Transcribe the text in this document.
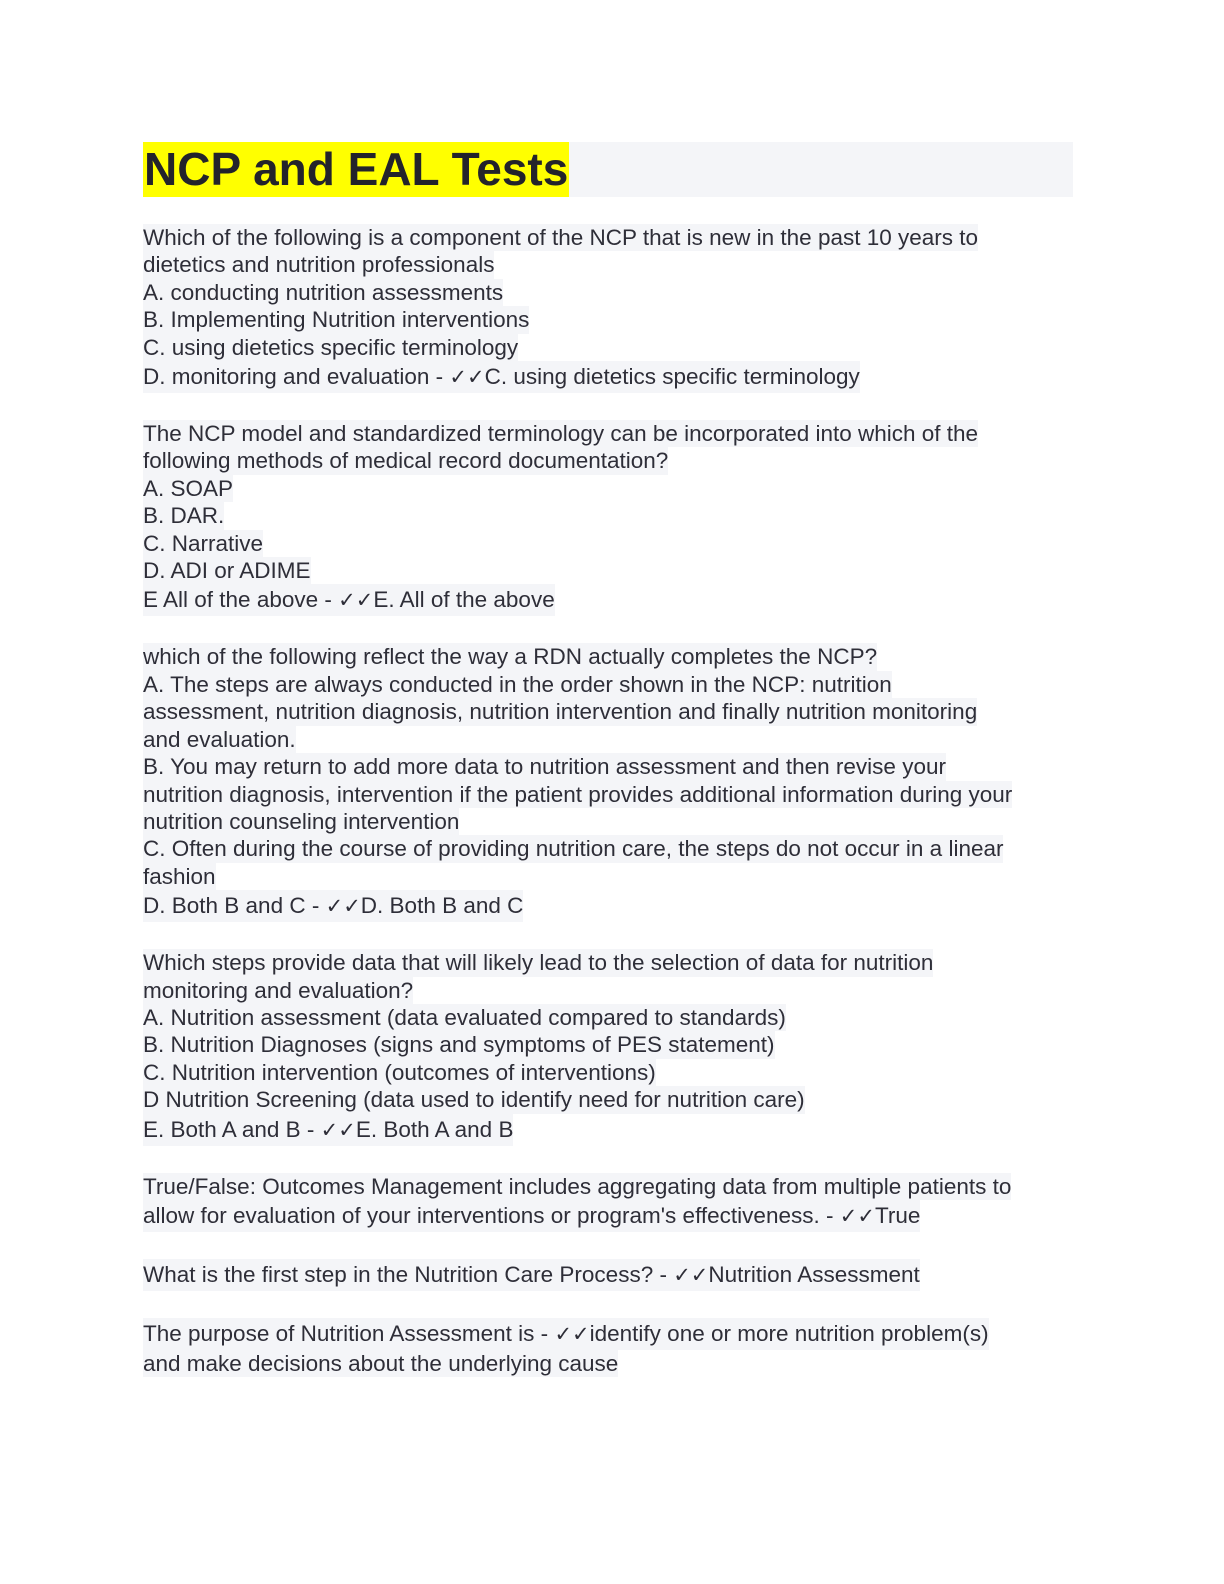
NCP and EAL Tests
Which of the following is a component of the NCP that is new in the past 10 years to
dietetics and nutrition professionals
A. conducting nutrition assessments
B. Implementing Nutrition interventions
C. using dietetics specific terminology
D. monitoring and evaluation - ✓✓C. using dietetics specific terminology
The NCP model and standardized terminology can be incorporated into which of the
following methods of medical record documentation?
A. SOAP
B. DAR.
C. Narrative
D. ADI or ADIME
E All of the above - ✓✓E. All of the above
which of the following reflect the way a RDN actually completes the NCP?
A. The steps are always conducted in the order shown in the NCP: nutrition
assessment, nutrition diagnosis, nutrition intervention and finally nutrition monitoring
and evaluation.
B. You may return to add more data to nutrition assessment and then revise your
nutrition diagnosis, intervention if the patient provides additional information during your
nutrition counseling intervention
C. Often during the course of providing nutrition care, the steps do not occur in a linear
fashion
D. Both B and C - ✓✓D. Both B and C
Which steps provide data that will likely lead to the selection of data for nutrition
monitoring and evaluation?
A. Nutrition assessment (data evaluated compared to standards)
B. Nutrition Diagnoses (signs and symptoms of PES statement)
C. Nutrition intervention (outcomes of interventions)
D Nutrition Screening (data used to identify need for nutrition care)
E. Both A and B - ✓✓E. Both A and B
True/False: Outcomes Management includes aggregating data from multiple patients to
allow for evaluation of your interventions or program's effectiveness. - ✓✓True
What is the first step in the Nutrition Care Process? - ✓✓Nutrition Assessment
The purpose of Nutrition Assessment is - ✓✓identify one or more nutrition problem(s)
and make decisions about the underlying cause
